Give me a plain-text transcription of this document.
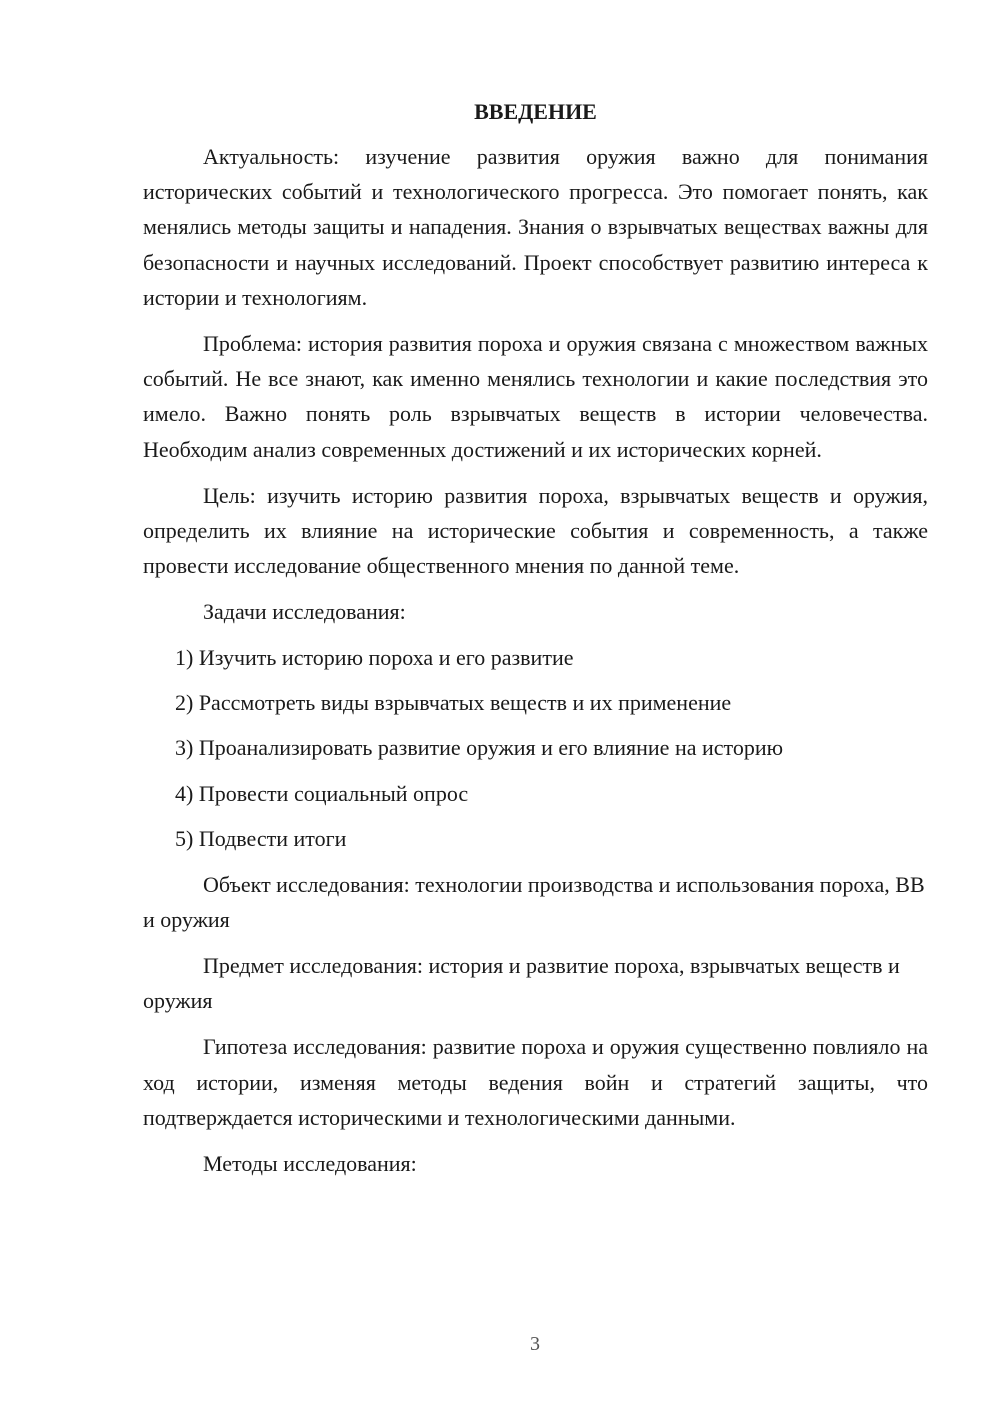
ВВЕДЕНИЕ

Актуальность: изучение развития оружия важно для понимания исторических событий и технологического прогресса. Это помогает понять, как менялись методы защиты и нападения. Знания о взрывчатых веществах важны для безопасности и научных исследований. Проект способствует развитию интереса к истории и технологиям.

Проблема: история развития пороха и оружия связана с множеством важных событий. Не все знают, как именно менялись технологии и какие последствия это имело. Важно понять роль взрывчатых веществ в истории человечества. Необходим анализ современных достижений и их исторических корней.

Цель: изучить историю развития пороха, взрывчатых веществ и оружия, определить их влияние на исторические события и современность, а также провести исследование общественного мнения по данной теме.

Задачи исследования:

1) Изучить историю пороха и его развитие
2) Рассмотреть виды взрывчатых веществ и их применение
3) Проанализировать развитие оружия и его влияние на историю
4) Провести социальный опрос
5) Подвести итоги

Объект исследования: технологии производства и использования пороха, ВВ и оружия

Предмет исследования: история и развитие пороха, взрывчатых веществ и оружия

Гипотеза исследования: развитие пороха и оружия существенно повлияло на ход истории, изменяя методы ведения войн и стратегий защиты, что подтверждается историческими и технологическими данными.

Методы исследования:

3
